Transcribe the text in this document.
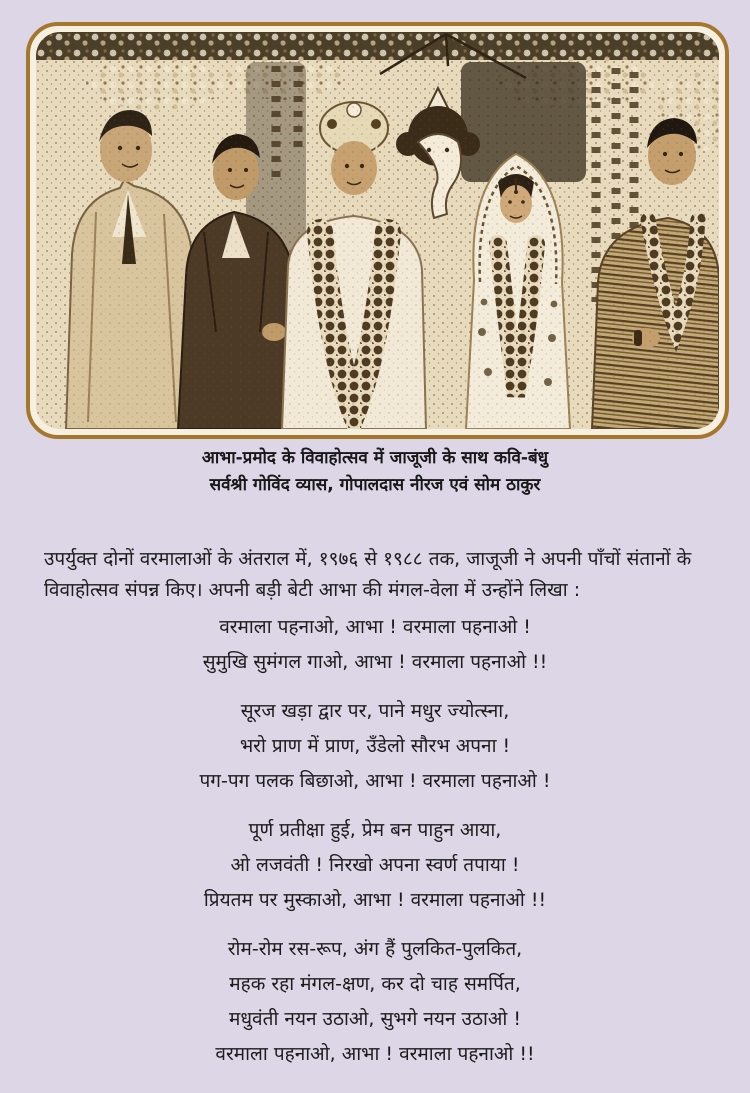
आभा-प्रमोद के विवाहोत्सव में जाजूजी के साथ कवि-बंधु
सर्वश्री गोविंद व्यास, गोपालदास नीरज एवं सोम ठाकुर

उपर्युक्त दोनों वरमालाओं के अंतराल में, १९७६ से १९८८ तक, जाजूजी ने अपनी पाँचों संतानों के विवाहोत्सव संपन्न किए। अपनी बड़ी बेटी आभा की मंगल-वेला में उन्होंने लिखा :

वरमाला पहनाओ, आभा ! वरमाला पहनाओ !
सुमुखि सुमंगल गाओ, आभा ! वरमाला पहनाओ !!
सूरज खड़ा द्वार पर, पाने मधुर ज्योत्स्ना,
भरो प्राण में प्राण, उँडेलो सौरभ अपना !
पग-पग पलक बिछाओ, आभा ! वरमाला पहनाओ !
पूर्ण प्रतीक्षा हुई, प्रेम बन पाहुन आया,
ओ लजवंती ! निरखो अपना स्वर्ण तपाया !
प्रियतम पर मुस्काओ, आभा ! वरमाला पहनाओ !!
रोम-रोम रस-रूप, अंग हैं पुलकित-पुलकित,
महक रहा मंगल-क्षण, कर दो चाह समर्पित,
मधुवंती नयन उठाओ, सुभगे नयन उठाओ !
वरमाला पहनाओ, आभा ! वरमाला पहनाओ !!
